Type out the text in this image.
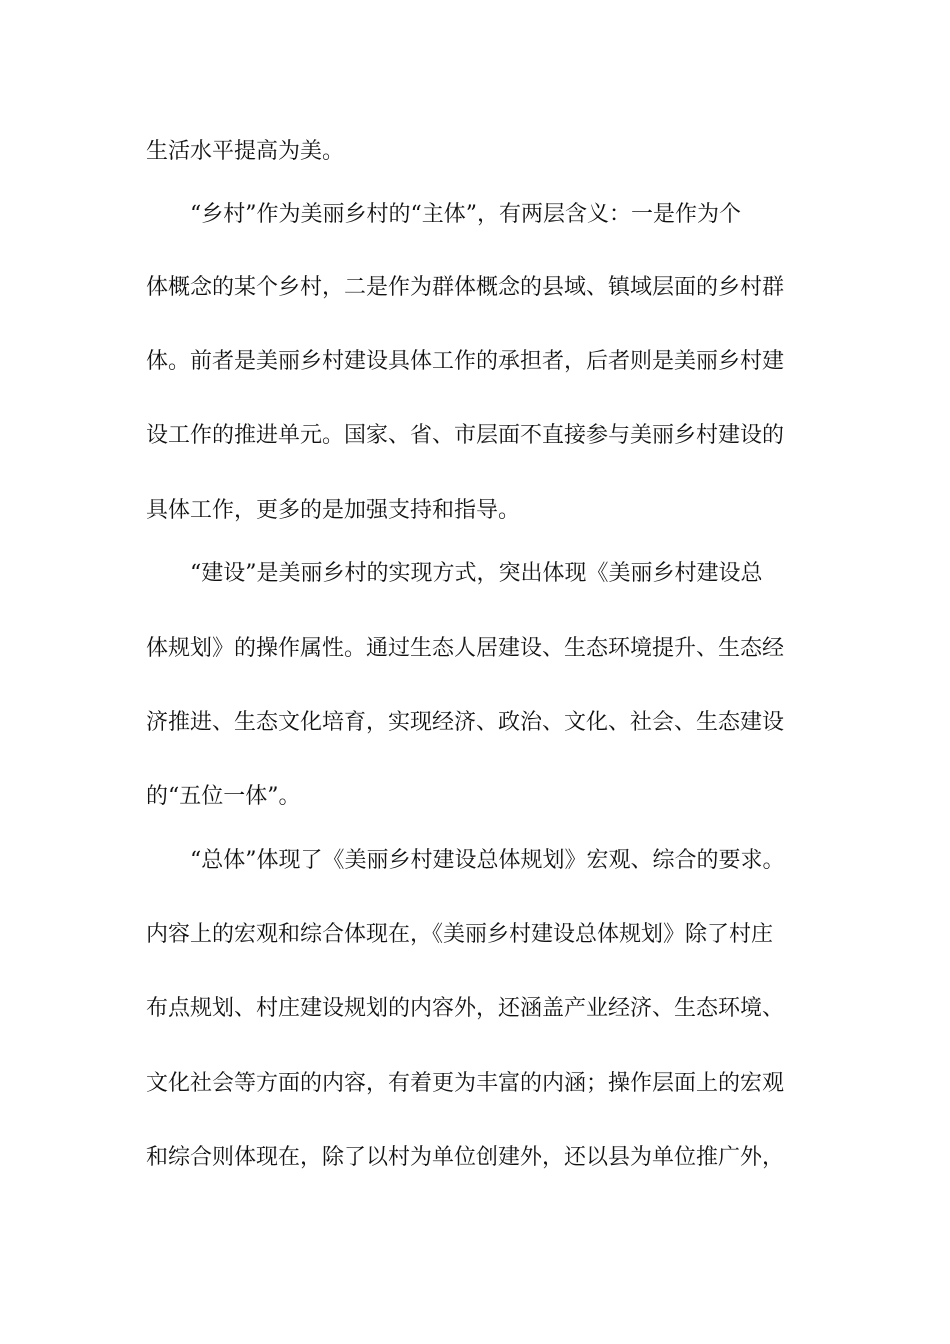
生活水平提高为美。
“乡村”作为美丽乡村的“主体”，有两层含义：一是作为个
体概念的某个乡村，二是作为群体概念的县域、镇域层面的乡村群
体。前者是美丽乡村建设具体工作的承担者，后者则是美丽乡村建
设工作的推进单元。国家、省、市层面不直接参与美丽乡村建设的
具体工作，更多的是加强支持和指导。
“建设”是美丽乡村的实现方式，突出体现《美丽乡村建设总
体规划》的操作属性。通过生态人居建设、生态环境提升、生态经
济推进、生态文化培育，实现经济、政治、文化、社会、生态建设
的“五位一体”。
“总体”体现了《美丽乡村建设总体规划》宏观、综合的要求。
内容上的宏观和综合体现在，《美丽乡村建设总体规划》除了村庄
布点规划、村庄建设规划的内容外，还涵盖产业经济、生态环境、
文化社会等方面的内容，有着更为丰富的内涵；操作层面上的宏观
和综合则体现在，除了以村为单位创建外，还以县为单位推广外，
